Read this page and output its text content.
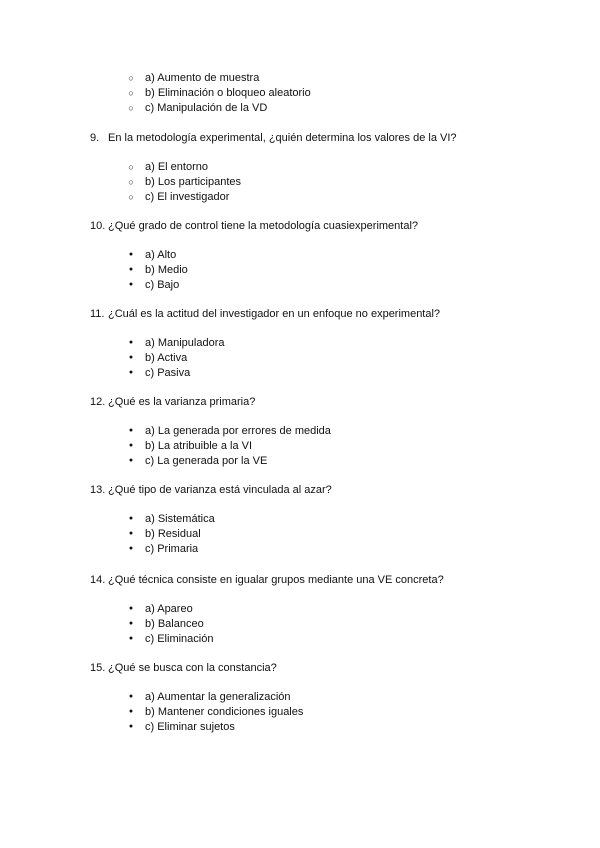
○
a) Aumento de muestra
○
b) Eliminación o bloqueo aleatorio
○
c) Manipulación de la VD
9. En la metodología experimental, ¿quién determina los valores de la VI?
○
a) El entorno
○
b) Los participantes
○
c) El investigador
10. ¿Qué grado de control tiene la metodología cuasiexperimental?
●
a) Alto
●
b) Medio
●
c) Bajo
11. ¿Cuál es la actitud del investigador en un enfoque no experimental?
●
a) Manipuladora
●
b) Activa
●
c) Pasiva
12. ¿Qué es la varianza primaria?
●
a) La generada por errores de medida
●
b) La atribuible a la VI
●
c) La generada por la VE
13. ¿Qué tipo de varianza está vinculada al azar?
●
a) Sistemática
●
b) Residual
●
c) Primaria
14. ¿Qué técnica consiste en igualar grupos mediante una VE concreta?
●
a) Apareo
●
b) Balanceo
●
c) Eliminación
15. ¿Qué se busca con la constancia?
●
a) Aumentar la generalización
●
b) Mantener condiciones iguales
●
c) Eliminar sujetos
